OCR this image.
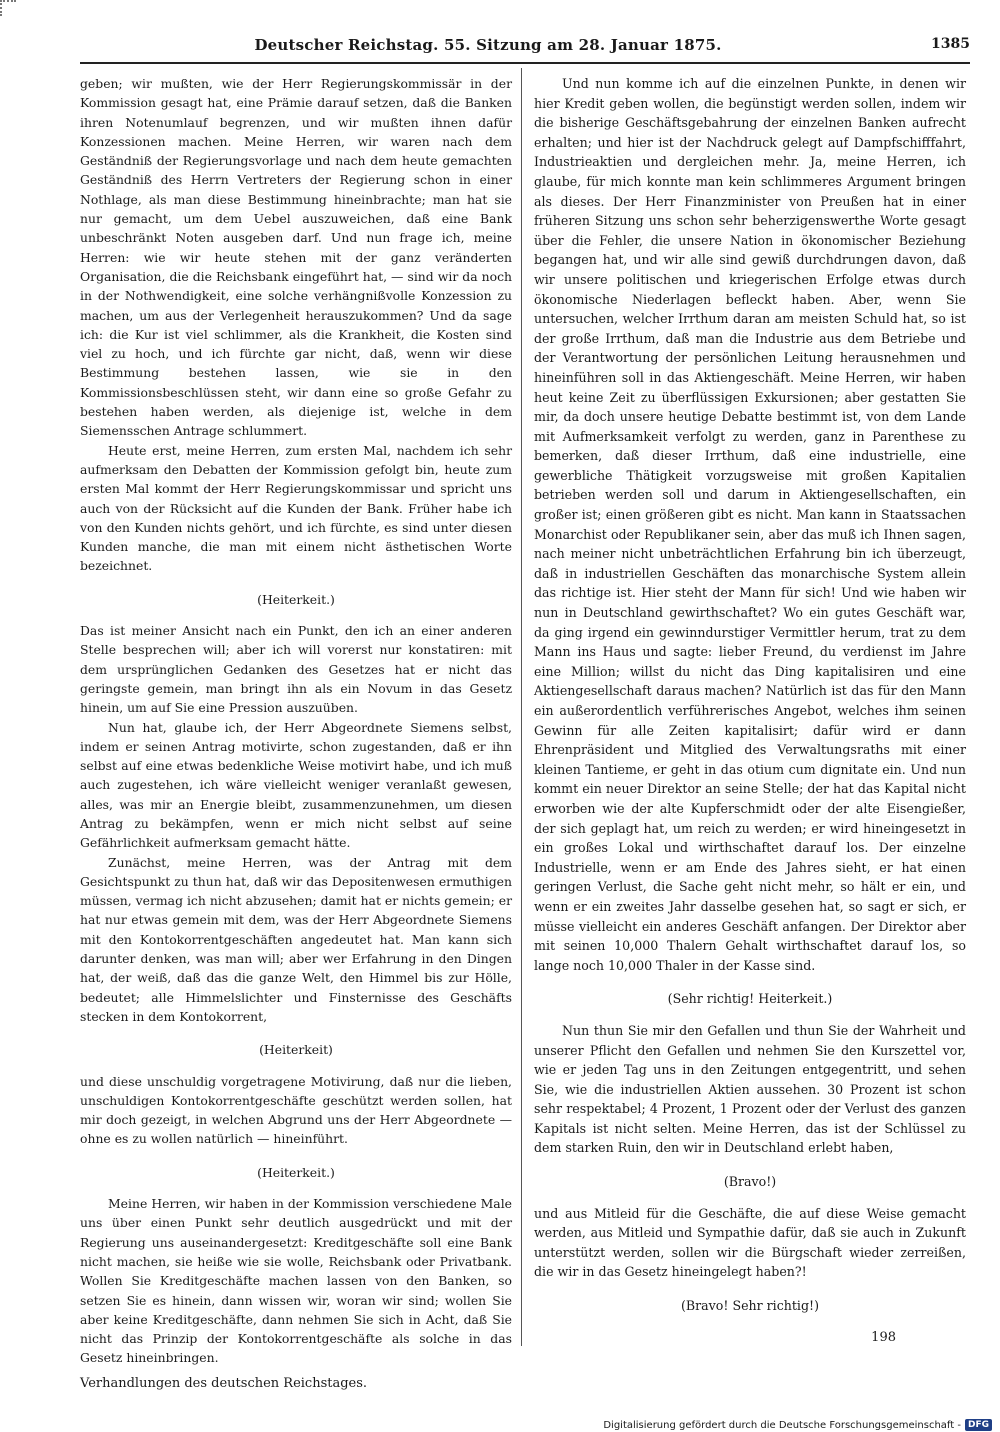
Deutscher Reichstag. 55. Sitzung am 28. Januar 1875.	1385

geben; wir mußten, wie der Herr Regierungskommissär in der Kommission gesagt hat, eine Prämie darauf setzen, daß die Banken ihren Notenumlauf begrenzen, und wir mußten ihnen dafür Konzessionen machen. Meine Herren, wir waren nach dem Geständniß der Regierungsvorlage und nach dem heute gemachten Geständniß des Herrn Vertreters der Regierung schon in einer Nothlage, als man diese Bestimmung hineinbrachte; man hat sie nur gemacht, um dem Uebel auszuweichen, daß eine Bank unbeschränkt Noten ausgeben darf. Und nun frage ich, meine Herren: wie wir heute stehen mit der ganz veränderten Organisation, die die Reichsbank eingeführt hat, — sind wir da noch in der Nothwendigkeit, eine solche verhängnißvolle Konzession zu machen, um aus der Verlegenheit herauszukommen? Und da sage ich: die Kur ist viel schlimmer, als die Krankheit, die Kosten sind viel zu hoch, und ich fürchte gar nicht, daß, wenn wir diese Bestimmung bestehen lassen, wie sie in den Kommissionsbeschlüssen steht, wir dann eine so große Gefahr zu bestehen haben werden, als diejenige ist, welche in dem Siemensschen Antrage schlummert.

Heute erst, meine Herren, zum ersten Mal, nachdem ich sehr aufmerksam den Debatten der Kommission gefolgt bin, heute zum ersten Mal kommt der Herr Regierungskommissar und spricht uns auch von der Rücksicht auf die Kunden der Bank. Früher habe ich von den Kunden nichts gehört, und ich fürchte, es sind unter diesen Kunden manche, die man mit einem nicht ästhetischen Worte bezeichnet.

(Heiterkeit.)

Das ist meiner Ansicht nach ein Punkt, den ich an einer anderen Stelle besprechen will; aber ich will vorerst nur konstatiren: mit dem ursprünglichen Gedanken des Gesetzes hat er nicht das geringste gemein, man bringt ihn als ein Novum in das Gesetz hinein, um auf Sie eine Pression auszuüben.

Nun hat, glaube ich, der Herr Abgeordnete Siemens selbst, indem er seinen Antrag motivirte, schon zugestanden, daß er ihn selbst auf eine etwas bedenkliche Weise motivirt habe, und ich muß auch zugestehen, ich wäre vielleicht weniger veranlaßt gewesen, alles, was mir an Energie bleibt, zusammenzunehmen, um diesen Antrag zu bekämpfen, wenn er mich nicht selbst auf seine Gefährlichkeit aufmerksam gemacht hätte.

Zunächst, meine Herren, was der Antrag mit dem Gesichtspunkt zu thun hat, daß wir das Depositenwesen ermuthigen müssen, vermag ich nicht abzusehen; damit hat er nichts gemein; er hat nur etwas gemein mit dem, was der Herr Abgeordnete Siemens mit den Kontokorrentgeschäften angedeutet hat. Man kann sich darunter denken, was man will; aber wer Erfahrung in den Dingen hat, der weiß, daß das die ganze Welt, den Himmel bis zur Hölle, bedeutet; alle Himmelslichter und Finsternisse des Geschäfts stecken in dem Kontokorrent,

(Heiterkeit)

und diese unschuldig vorgetragene Motivirung, daß nur die lieben, unschuldigen Kontokorrentgeschäfte geschützt werden sollen, hat mir doch gezeigt, in welchen Abgrund uns der Herr Abgeordnete — ohne es zu wollen natürlich — hineinführt.

(Heiterkeit.)

Meine Herren, wir haben in der Kommission verschiedene Male uns über einen Punkt sehr deutlich ausgedrückt und mit der Regierung uns auseinandergesetzt: Kreditgeschäfte soll eine Bank nicht machen, sie heiße wie sie wolle, Reichsbank oder Privatbank. Wollen Sie Kreditgeschäfte machen lassen von den Banken, so setzen Sie es hinein, dann wissen wir, woran wir sind; wollen Sie aber keine Kreditgeschäfte, dann nehmen Sie sich in Acht, daß Sie nicht das Prinzip der Kontokorrentgeschäfte als solche in das Gesetz hineinbringen.

Verhandlungen des deutschen Reichstages.

Und nun komme ich auf die einzelnen Punkte, in denen wir hier Kredit geben wollen, die begünstigt werden sollen, indem wir die bisherige Geschäftsgebahrung der einzelnen Banken aufrecht erhalten; und hier ist der Nachdruck gelegt auf Dampfschifffahrt, Industrieaktien und dergleichen mehr. Ja, meine Herren, ich glaube, für mich konnte man kein schlimmeres Argument bringen als dieses. Der Herr Finanzminister von Preußen hat in einer früheren Sitzung uns schon sehr beherzigenswerthe Worte gesagt über die Fehler, die unsere Nation in ökonomischer Beziehung begangen hat, und wir alle sind gewiß durchdrungen davon, daß wir unsere politischen und kriegerischen Erfolge etwas durch ökonomische Niederlagen befleckt haben. Aber, wenn Sie untersuchen, welcher Irrthum daran am meisten Schuld hat, so ist der große Irrthum, daß man die Industrie aus dem Betriebe und der Verantwortung der persönlichen Leitung herausnehmen und hineinführen soll in das Aktiengeschäft. Meine Herren, wir haben heut keine Zeit zu überflüssigen Exkursionen; aber gestatten Sie mir, da doch unsere heutige Debatte bestimmt ist, von dem Lande mit Aufmerksamkeit verfolgt zu werden, ganz in Parenthese zu bemerken, daß dieser Irrthum, daß eine industrielle, eine gewerbliche Thätigkeit vorzugsweise mit großen Kapitalien betrieben werden soll und darum in Aktiengesellschaften, ein großer ist; einen größeren gibt es nicht. Man kann in Staatssachen Monarchist oder Republikaner sein, aber das muß ich Ihnen sagen, nach meiner nicht unbeträchtlichen Erfahrung bin ich überzeugt, daß in industriellen Geschäften das monarchische System allein das richtige ist. Hier steht der Mann für sich! Und wie haben wir nun in Deutschland gewirthschaftet? Wo ein gutes Geschäft war, da ging irgend ein gewinndurstiger Vermittler herum, trat zu dem Mann ins Haus und sagte: lieber Freund, du verdienst im Jahre eine Million; willst du nicht das Ding kapitalisiren und eine Aktiengesellschaft daraus machen? Natürlich ist das für den Mann ein außerordentlich verführerisches Angebot, welches ihm seinen Gewinn für alle Zeiten kapitalisirt; dafür wird er dann Ehrenpräsident und Mitglied des Verwaltungsraths mit einer kleinen Tantieme, er geht in das otium cum dignitate ein. Und nun kommt ein neuer Direktor an seine Stelle; der hat das Kapital nicht erworben wie der alte Kupferschmidt oder der alte Eisengießer, der sich geplagt hat, um reich zu werden; er wird hineingesetzt in ein großes Lokal und wirthschaftet darauf los. Der einzelne Industrielle, wenn er am Ende des Jahres sieht, er hat einen geringen Verlust, die Sache geht nicht mehr, so hält er ein, und wenn er ein zweites Jahr dasselbe gesehen hat, so sagt er sich, er müsse vielleicht ein anderes Geschäft anfangen. Der Direktor aber mit seinen 10,000 Thalern Gehalt wirthschaftet darauf los, so lange noch 10,000 Thaler in der Kasse sind.

(Sehr richtig! Heiterkeit.)

Nun thun Sie mir den Gefallen und thun Sie der Wahrheit und unserer Pflicht den Gefallen und nehmen Sie den Kurszettel vor, wie er jeden Tag uns in den Zeitungen entgegentritt, und sehen Sie, wie die industriellen Aktien aussehen. 30 Prozent ist schon sehr respektabel; 4 Prozent, 1 Prozent oder der Verlust des ganzen Kapitals ist nicht selten. Meine Herren, das ist der Schlüssel zu dem starken Ruin, den wir in Deutschland erlebt haben,

(Bravo!)

und aus Mitleid für die Geschäfte, die auf diese Weise gemacht werden, aus Mitleid und Sympathie dafür, daß sie auch in Zukunft unterstützt werden, sollen wir die Bürgschaft wieder zerreißen, die wir in das Gesetz hineingelegt haben?!

(Bravo! Sehr richtig!)

198

Digitalisierung gefördert durch die Deutsche Forschungsgemeinschaft - DFG
